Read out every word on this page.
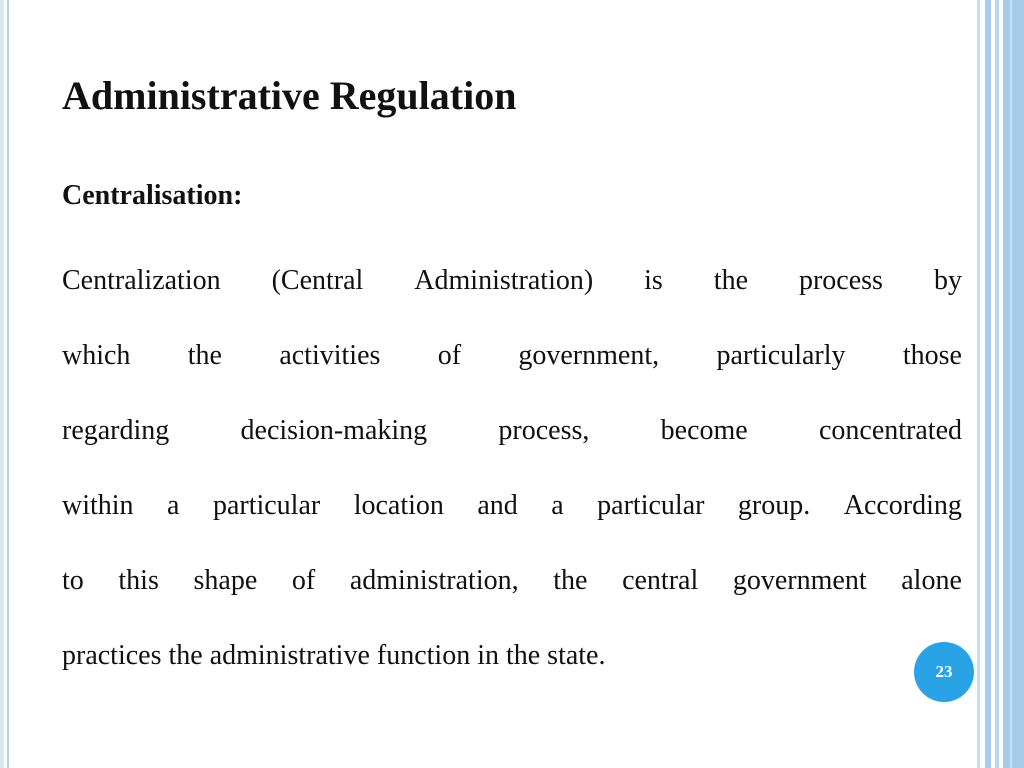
Administrative Regulation
Centralisation:
Centralization (Central Administration) is the process by
which the activities of government, particularly those
regarding	decision-making	process,	become	concentrated
within a particular location and a particular group. According
to this shape of administration, the central government alone
practices the administrative function in the state.
23
